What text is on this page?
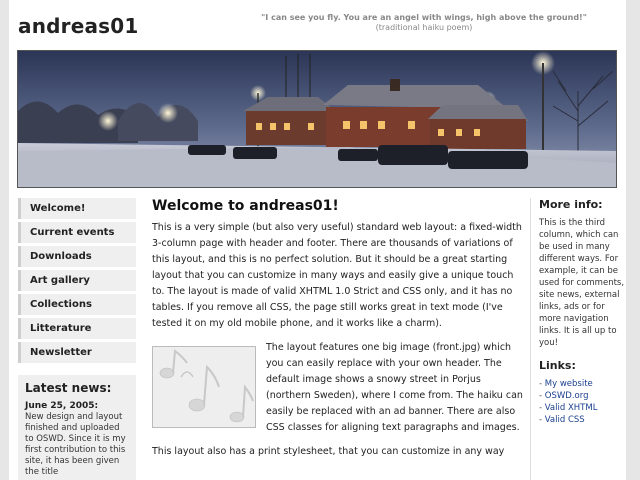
andreas01	"I can see you fly. You are an angel with wings, high above the ground!"
(traditional haiku poem)
Welcome!
Current events
Downloads
Art gallery
Collections
Litterature
Newsletter
Latest news:
June 25, 2005:
New design and layout finished and uploaded to OSWD. Since it is my first contribution to this site, it has been given the title
Welcome to andreas01!

This is a very simple (but also very useful) standard web layout: a fixed-width 3-column page with header and footer. There are thousands of variations of this layout, and this is no perfect solution. But it should be a great starting layout that you can customize in many ways and easily give a unique touch to. The layout is made of valid XHTML 1.0 Strict and CSS only, and it has no tables. If you remove all CSS, the page still works great in text mode (I've tested it on my old mobile phone, and it works like a charm).

The layout features one big image (front.jpg) which you can easily replace with your own header. The default image shows a snowy street in Porjus (northern Sweden), where I come from. The haiku can easily be replaced with an ad banner. There are also CSS classes for aligning text paragraphs and images.

This layout also has a print stylesheet, that you can customize in any way

More info:

This is the third column, which can be used in many different ways. For example, it can be used for comments, site news, external links, ads or for more navigation links. It is all up to you!

Links:
- My website
- OSWD.org
- Valid XHTML
- Valid CSS
